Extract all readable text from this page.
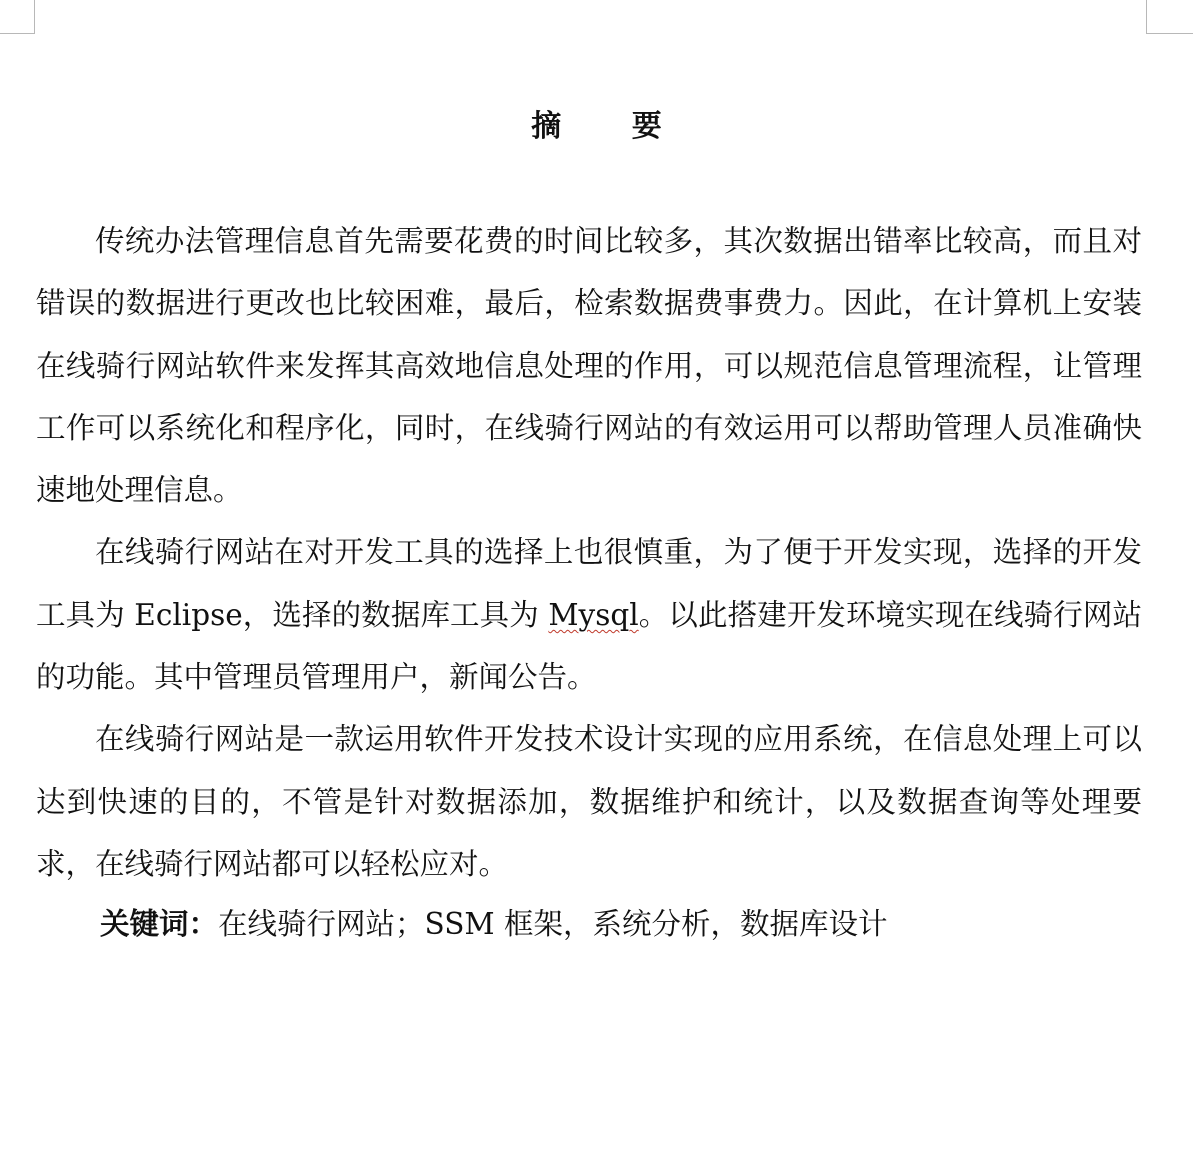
摘 要

传统办法管理信息首先需要花费的时间比较多，其次数据出错率比较高，而且对错误的数据进行更改也比较困难，最后，检索数据费事费力。因此，在计算机上安装在线骑行网站软件来发挥其高效地信息处理的作用，可以规范信息管理流程，让管理工作可以系统化和程序化，同时，在线骑行网站的有效运用可以帮助管理人员准确快速地处理信息。

在线骑行网站在对开发工具的选择上也很慎重，为了便于开发实现，选择的开发工具为 Eclipse，选择的数据库工具为 Mysql。以此搭建开发环境实现在线骑行网站的功能。其中管理员管理用户，新闻公告。

在线骑行网站是一款运用软件开发技术设计实现的应用系统，在信息处理上可以达到快速的目的，不管是针对数据添加，数据维护和统计，以及数据查询等处理要求，在线骑行网站都可以轻松应对。

关键词：在线骑行网站；SSM 框架，系统分析，数据库设计
